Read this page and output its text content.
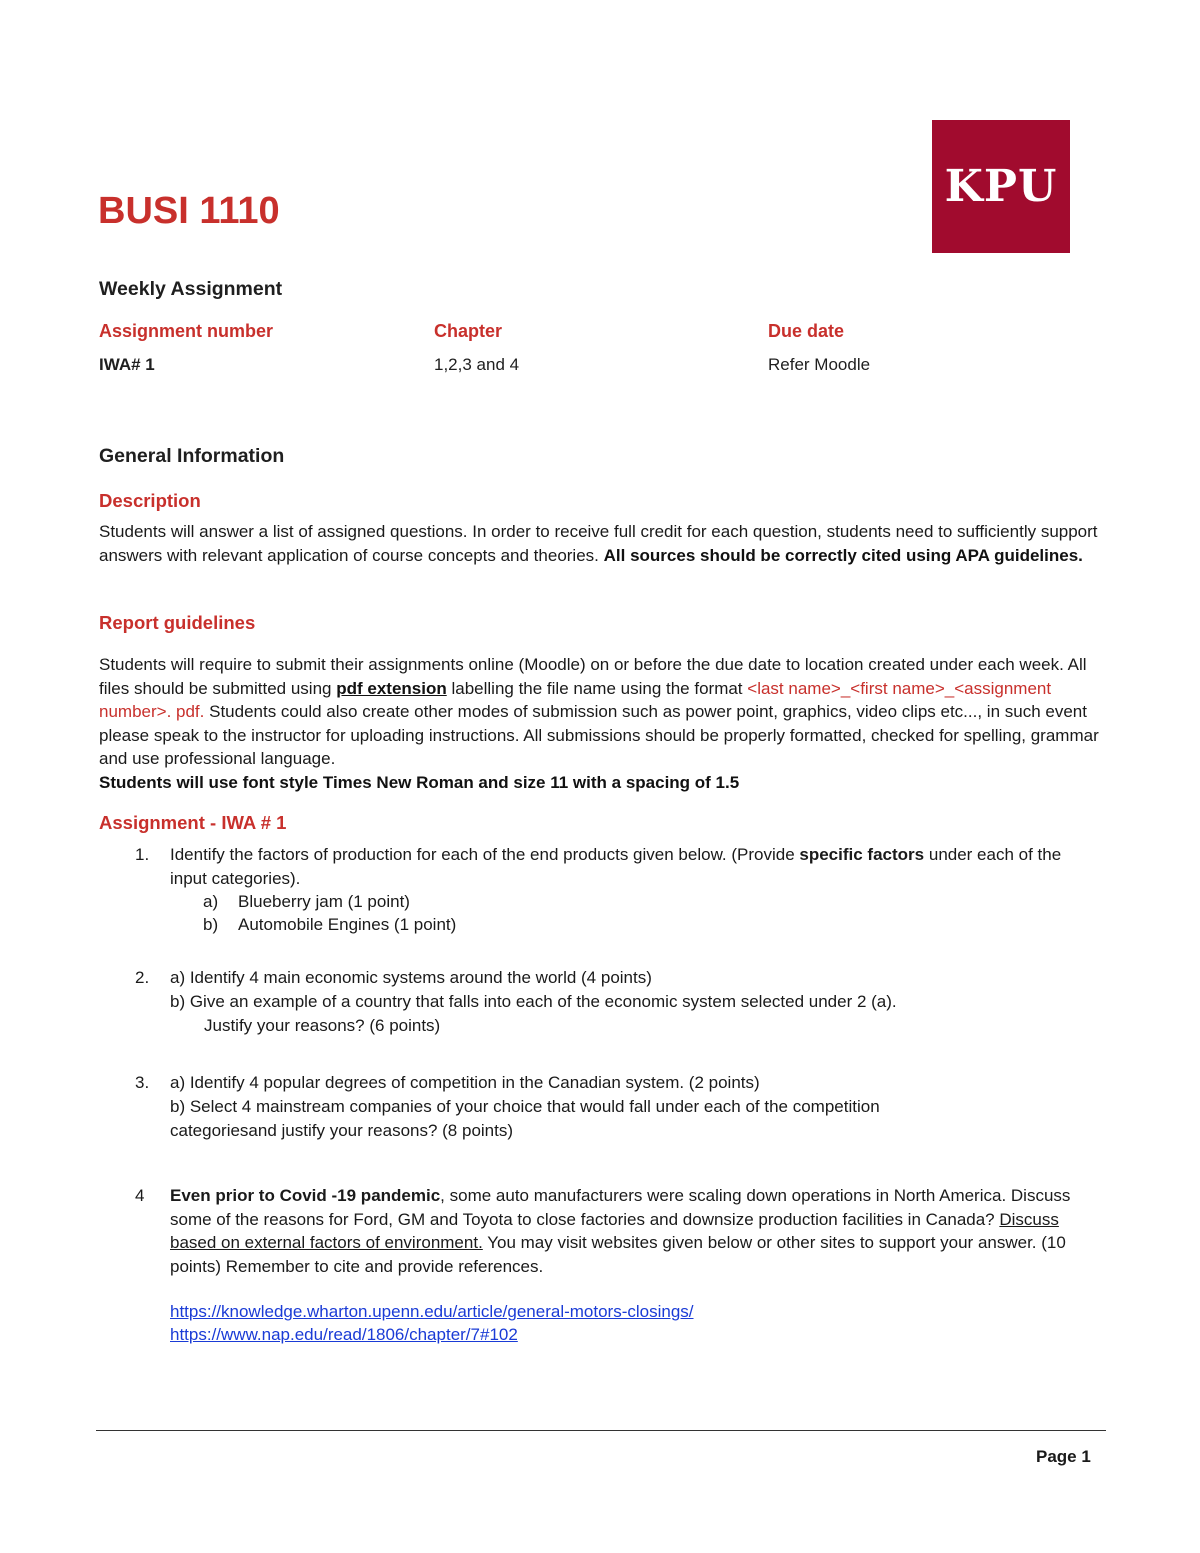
KPU
BUSI 1110
Weekly Assignment
Assignment number	Chapter	Due date
IWA# 1	1,2,3 and 4	Refer Moodle
General Information
Description

Students will answer a list of assigned questions. In order to receive full credit for each question, students need to sufficiently support answers with relevant application of course concepts and theories. All sources should be correctly cited using APA guidelines.

Report guidelines

Students will require to submit their assignments online (Moodle) on or before the due date to location created under each week. All files should be submitted using pdf extension labelling the file name using the format <last name>_<first name>_<assignment number>. pdf. Students could also create other modes of submission such as power point, graphics, video clips etc..., in such event please speak to the instructor for uploading instructions. All submissions should be properly formatted, checked for spelling, grammar and use professional language.
Students will use font style Times New Roman and size 11 with a spacing of 1.5

Assignment - IWA # 1
1. Identify the factors of production for each of the end products given below. (Provide specific factors under each of the input categories).
a) Blueberry jam (1 point)
b) Automobile Engines (1 point)
2. a) Identify 4 main economic systems around the world (4 points)
b) Give an example of a country that falls into each of the economic system selected under 2 (a).
Justify your reasons? (6 points)
3. a) Identify 4 popular degrees of competition in the Canadian system. (2 points)
b) Select 4 mainstream companies of your choice that would fall under each of the competition
categoriesand justify your reasons? (8 points)
4 Even prior to Covid -19 pandemic, some auto manufacturers were scaling down operations in North America. Discuss some of the reasons for Ford, GM and Toyota to close factories and downsize production facilities in Canada? Discuss based on external factors of environment. You may visit websites given below or other sites to support your answer. (10 points) Remember to cite and provide references.
https://knowledge.wharton.upenn.edu/article/general-motors-closings/
https://www.nap.edu/read/1806/chapter/7#102
Page 1
